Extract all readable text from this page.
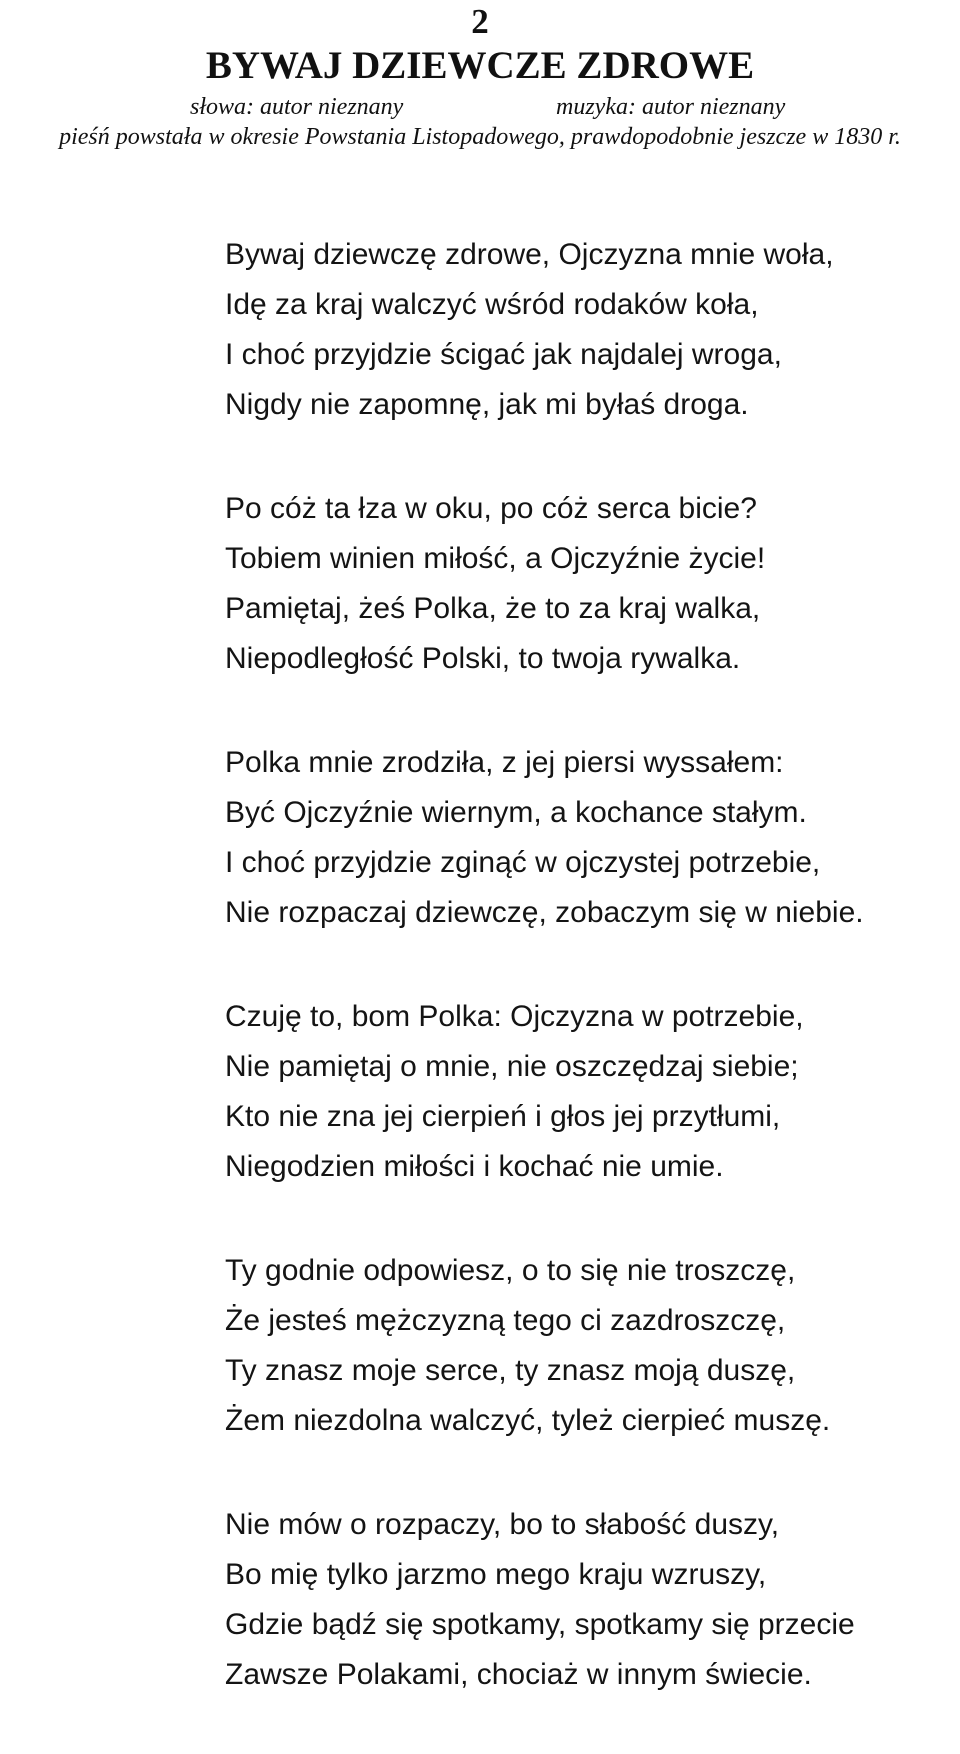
2
BYWAJ DZIEWCZE ZDROWE
słowa: autor nieznany	muzyka: autor nieznany
pieśń powstała w okresie Powstania Listopadowego, prawdopodobnie jeszcze w 1830 r.
Bywaj dziewczę zdrowe, Ojczyzna mnie woła,
Idę za kraj walczyć wśród rodaków koła,
I choć przyjdzie ścigać jak najdalej wroga,
Nigdy nie zapomnę, jak mi byłaś droga.
Po cóż ta łza w oku, po cóż serca bicie?
Tobiem winien miłość, a Ojczyźnie życie!
Pamiętaj, żeś Polka, że to za kraj walka,
Niepodległość Polski, to twoja rywalka.
Polka mnie zrodziła, z jej piersi wyssałem:
Być Ojczyźnie wiernym, a kochance stałym.
I choć przyjdzie zginąć w ojczystej potrzebie,
Nie rozpaczaj dziewczę, zobaczym się w niebie.
Czuję to, bom Polka: Ojczyzna w potrzebie,
Nie pamiętaj o mnie, nie oszczędzaj siebie;
Kto nie zna jej cierpień i głos jej przytłumi,
Niegodzien miłości i kochać nie umie.
Ty godnie odpowiesz, o to się nie troszczę,
Że jesteś mężczyzną tego ci zazdroszczę,
Ty znasz moje serce, ty znasz moją duszę,
Żem niezdolna walczyć, tyleż cierpieć muszę.
Nie mów o rozpaczy, bo to słabość duszy,
Bo mię tylko jarzmo mego kraju wzruszy,
Gdzie bądź się spotkamy, spotkamy się przecie
Zawsze Polakami, chociaż w innym świecie.
